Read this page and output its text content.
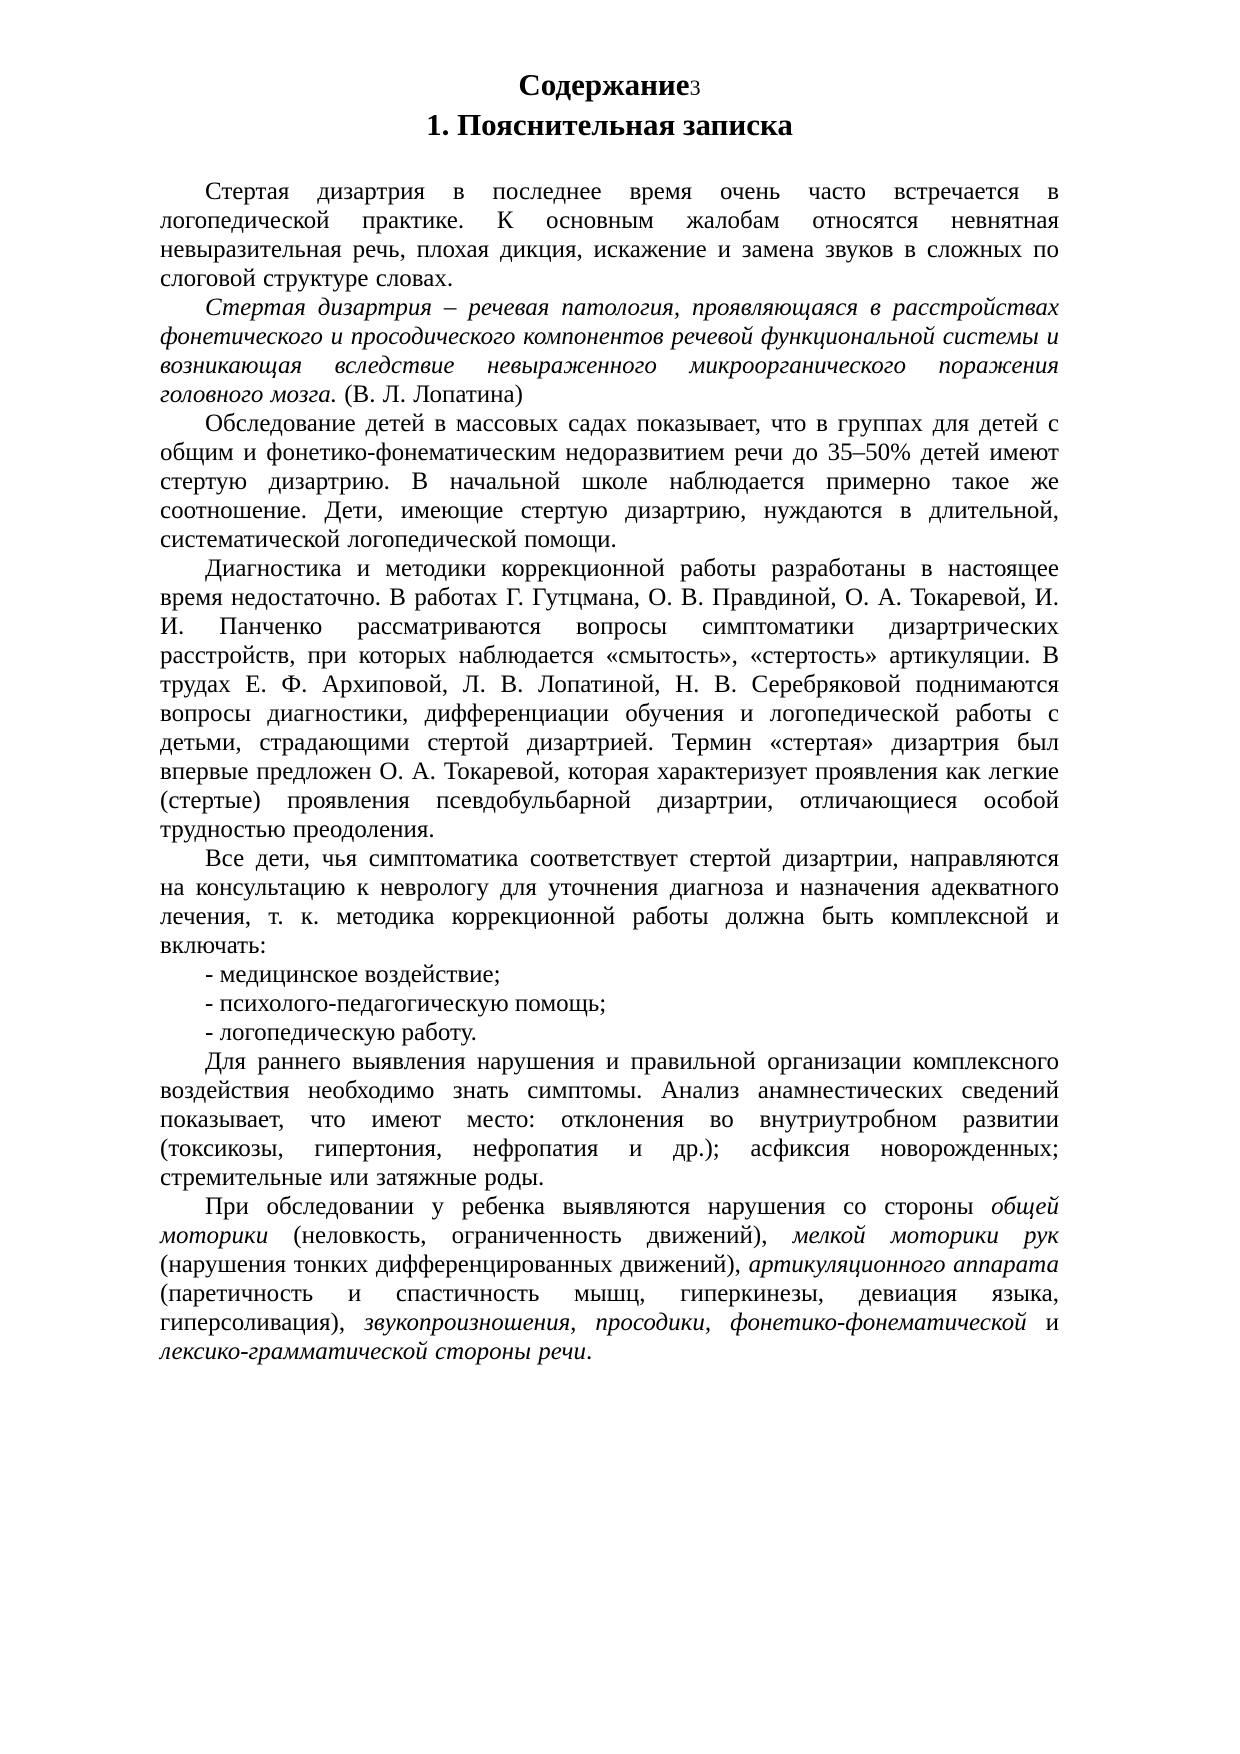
Содержание3
1. Пояснительная записка

Стертая дизартрия в последнее время очень часто встречается в логопедической практике. К основным жалобам относятся невнятная невыразительная речь, плохая дикция, искажение и замена звуков в сложных по слоговой структуре словах.

Стертая дизартрия – речевая патология, проявляющаяся в расстройствах фонетического и просодического компонентов речевой функциональной системы и возникающая вследствие невыраженного микроорганического поражения головного мозга. (В. Л. Лопатина)

Обследование детей в массовых садах показывает, что в группах для детей с общим и фонетико-фонематическим недоразвитием речи до 35–50% детей имеют стертую дизартрию. В начальной школе наблюдается примерно такое же соотношение. Дети, имеющие стертую дизартрию, нуждаются в длительной, систематической логопедической помощи.

Диагностика и методики коррекционной работы разработаны в настоящее время недостаточно. В работах Г. Гутцмана, О. В. Правдиной, О. А. Токаревой, И. И. Панченко рассматриваются вопросы симптоматики дизартрических расстройств, при которых наблюдается «смытость», «стертость» артикуляции. В трудах Е. Ф. Архиповой, Л. В. Лопатиной, Н. В. Серебряковой поднимаются вопросы диагностики, дифференциации обучения и логопедической работы с детьми, страдающими стертой дизартрией. Термин «стертая» дизартрия был впервые предложен О. А. Токаревой, которая характеризует проявления как легкие (стертые) проявления псевдобульбарной дизартрии, отличающиеся особой трудностью преодоления.

Все дети, чья симптоматика соответствует стертой дизартрии, направляются на консультацию к неврологу для уточнения диагноза и назначения адекватного лечения, т. к. методика коррекционной работы должна быть комплексной и включать:

- медицинское воздействие;

- психолого-педагогическую помощь;

- логопедическую работу.

Для раннего выявления нарушения и правильной организации комплексного воздействия необходимо знать симптомы. Анализ анамнестических сведений показывает, что имеют место: отклонения во внутриутробном развитии (токсикозы, гипертония, нефропатия и др.); асфиксия новорожденных; стремительные или затяжные роды.

При обследовании у ребенка выявляются нарушения со стороны общей моторики (неловкость, ограниченность движений), мелкой моторики рук (нарушения тонких дифференцированных движений), артикуляционного аппарата (паретичность и спастичность мышц, гиперкинезы, девиация языка, гиперсоливация), звукопроизношения, просодики, фонетико-фонематической и лексико-грамматической стороны речи.
